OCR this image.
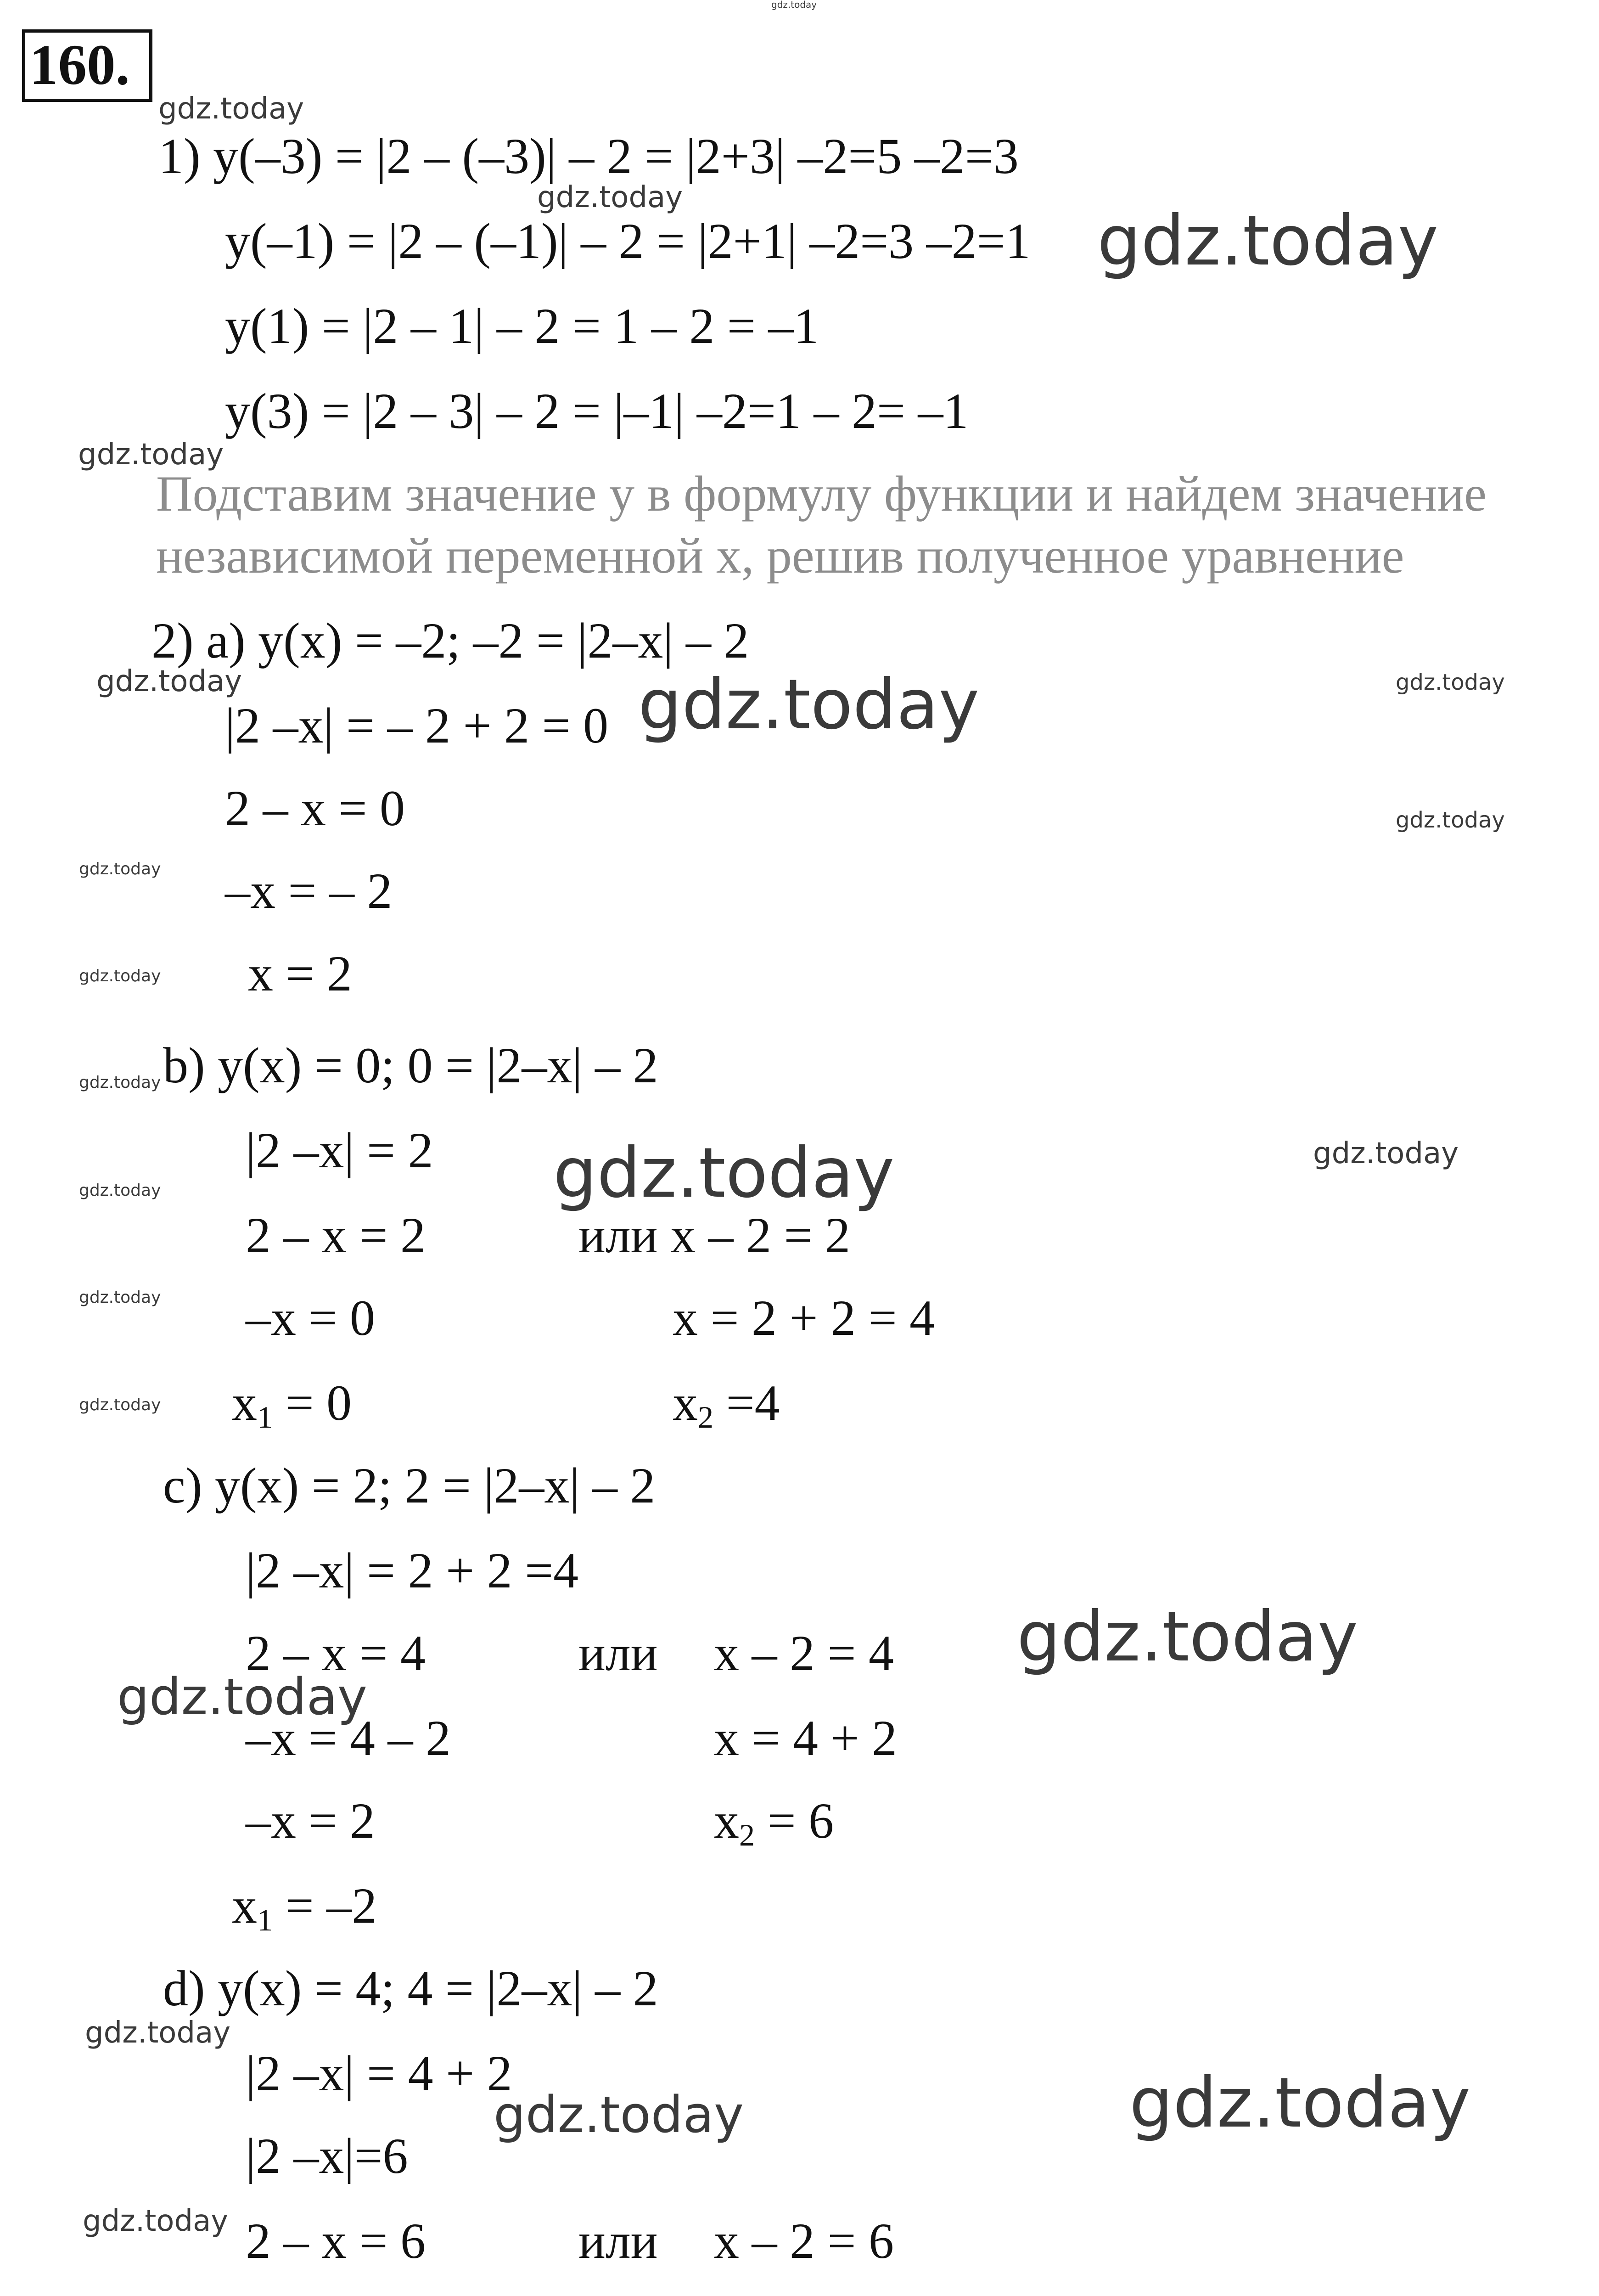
160.
1) y(–3) = |2 – (–3)| – 2 = |2+3| –2=5 –2=3
y(–1) = |2 – (–1)| – 2 = |2+1| –2=3 –2=1
y(1) = |2 – 1| – 2 = 1 – 2 = –1
y(3) = |2 – 3| – 2 = |–1| –2=1 – 2= –1
Подставим значение y в формулу функции и найдем значение
независимой переменной x, решив полученное уравнение
2) a) y(x) = –2; –2 = |2–x| – 2
|2 –x| = – 2 + 2 = 0
2 – x = 0
–x = – 2
x = 2
b) y(x) = 0; 0 = |2–x| – 2
|2 –x| = 2
2 – x = 2	или x – 2 = 2
–x = 0	x = 2 + 2 = 4
$x_1 = 0$	$x_2 =4$
c) y(x) = 2; 2 = |2–x| – 2
|2 –x| = 2 + 2 =4
2 – x = 4	или x – 2 = 4
–x = 4 – 2	x = 4 + 2
–x = 2	$x_2 = 6$
$x_1 = -2$
d) y(x) = 4; 4 = |2–x| – 2
|2 –x| = 4 + 2
|2 –x|=6
2 – x = 6	или x – 2 = 6
gdz.today
gdz.today
gdz.today
gdz.today
gdz.today
gdz.today	gdz.today	gdz.today
gdz.today
gdz.today
gdz.today
gdz.today
gdz.today	gdz.today
gdz.today
gdz.today
gdz.today
gdz.today
gdz.today
gdz.today
gdz.today	gdz.today
gdz.today
